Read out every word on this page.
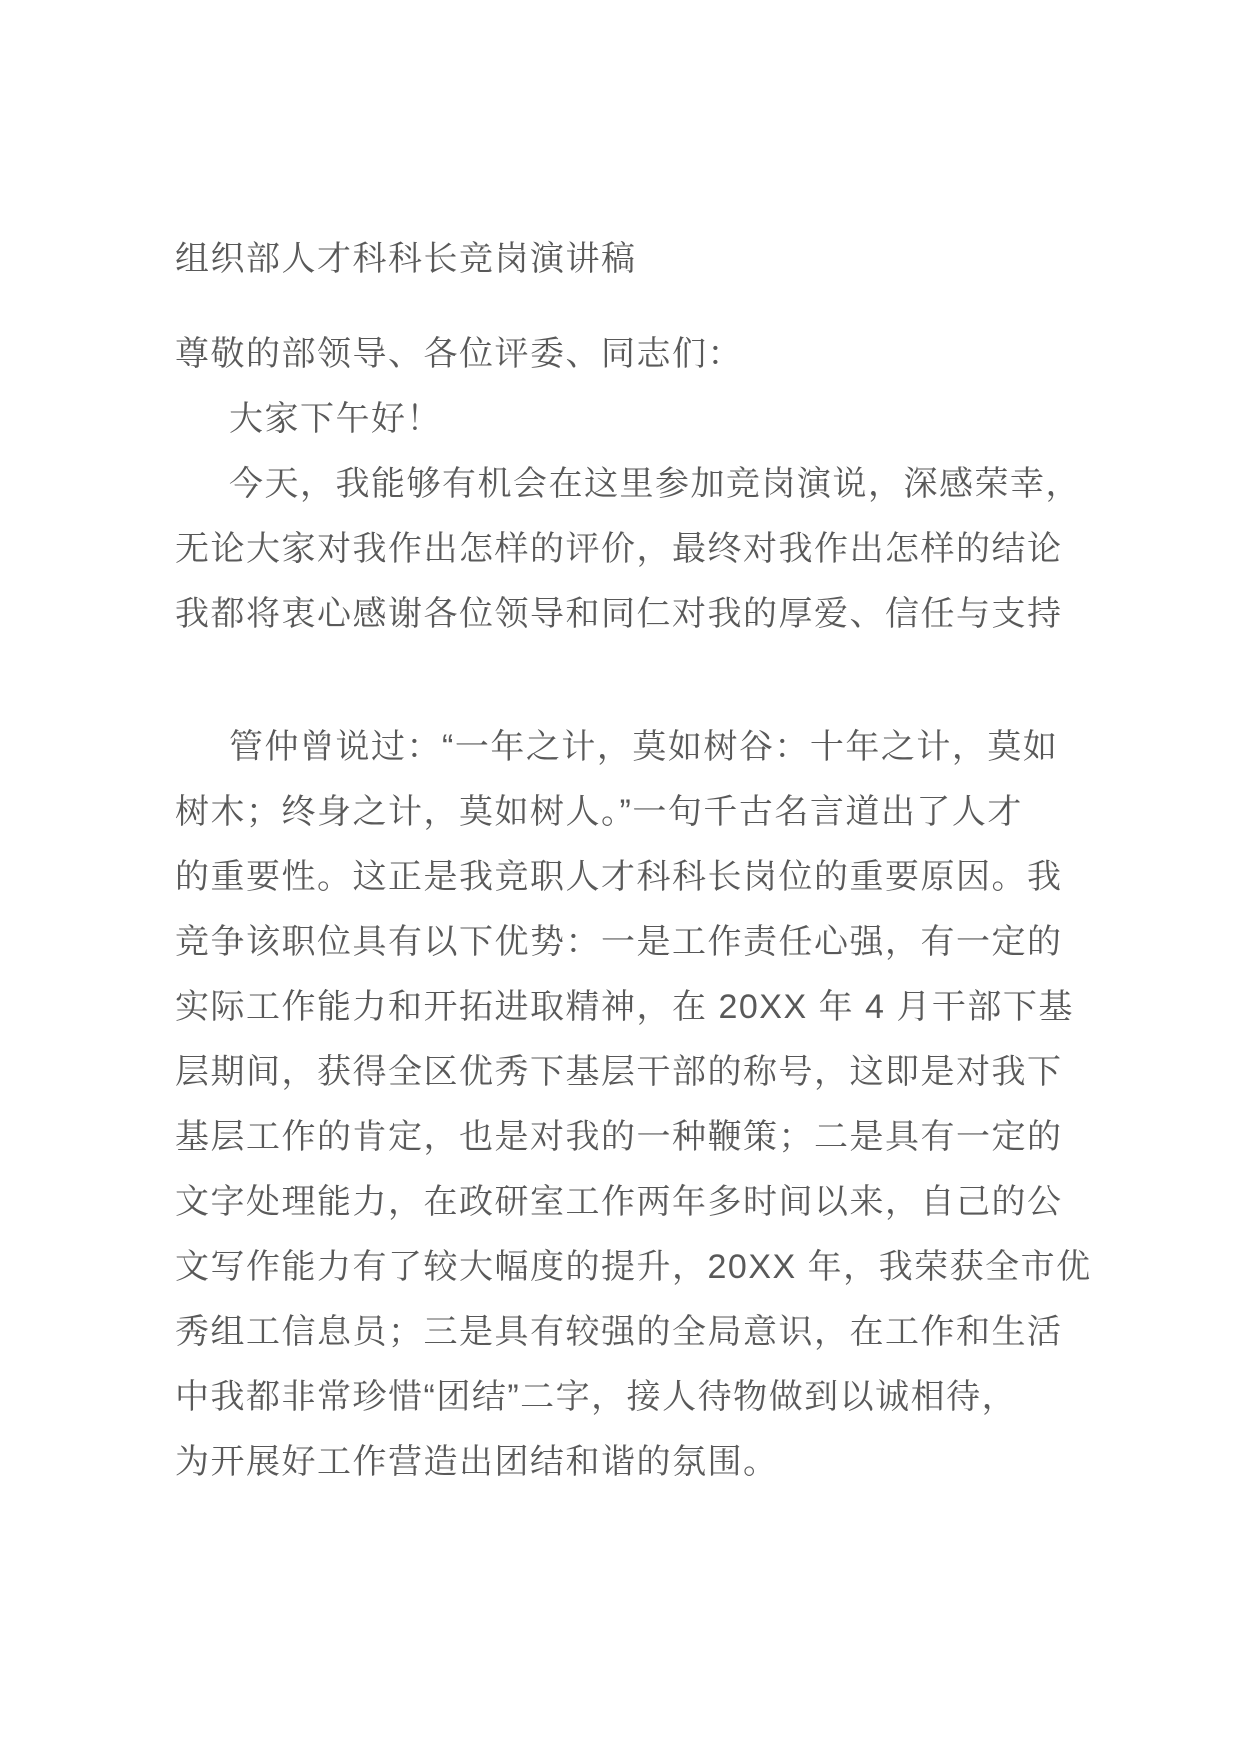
组织部人才科科长竞岗演讲稿
尊敬的部领导、各位评委、同志们：
大家下午好！
今天，我能够有机会在这里参加竞岗演说，深感荣幸，
无论大家对我作出怎样的评价，最终对我作出怎样的结论
我都将衷心感谢各位领导和同仁对我的厚爱、信任与支持
管仲曾说过：“一年之计，莫如树谷：十年之计，莫如
树木；终身之计，莫如树人。”一句千古名言道出了人才
的重要性。这正是我竞职人才科科长岗位的重要原因。我
竞争该职位具有以下优势：一是工作责任心强，有一定的
实际工作能力和开拓进取精神，在 20XX 年 4 月干部下基
层期间，获得全区优秀下基层干部的称号，这即是对我下
基层工作的肯定，也是对我的一种鞭策；二是具有一定的
文字处理能力，在政研室工作两年多时间以来，自己的公
文写作能力有了较大幅度的提升，20XX 年，我荣获全市优
秀组工信息员；三是具有较强的全局意识，在工作和生活
中我都非常珍惜“团结”二字，接人待物做到以诚相待，
为开展好工作营造出团结和谐的氛围。
